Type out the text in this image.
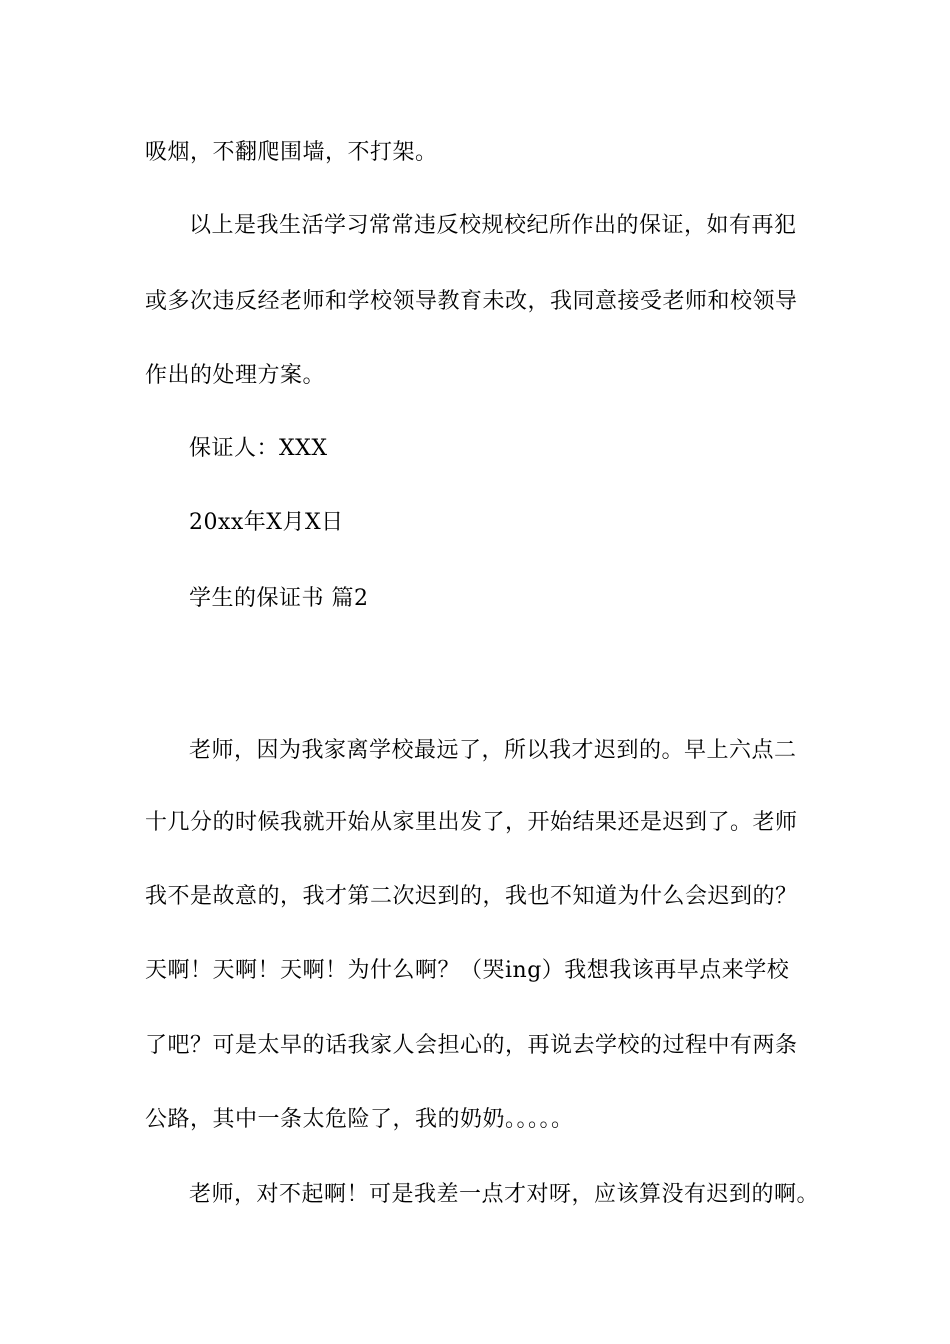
吸烟，不翻爬围墙，不打架。
以上是我生活学习常常违反校规校纪所作出的保证，如有再犯
或多次违反经老师和学校领导教育未改，我同意接受老师和校领导
作出的处理方案。
保证人：XXX
20xx年X月X日
学生的保证书 篇2
老师，因为我家离学校最远了，所以我才迟到的。早上六点二
十几分的时候我就开始从家里出发了，开始结果还是迟到了。老师
我不是故意的，我才第二次迟到的，我也不知道为什么会迟到的？
天啊！天啊！天啊！为什么啊？（哭ing）我想我该再早点来学校
了吧？可是太早的话我家人会担心的，再说去学校的过程中有两条
公路，其中一条太危险了，我的奶奶。。。。。
老师，对不起啊！可是我差一点才对呀，应该算没有迟到的啊。
